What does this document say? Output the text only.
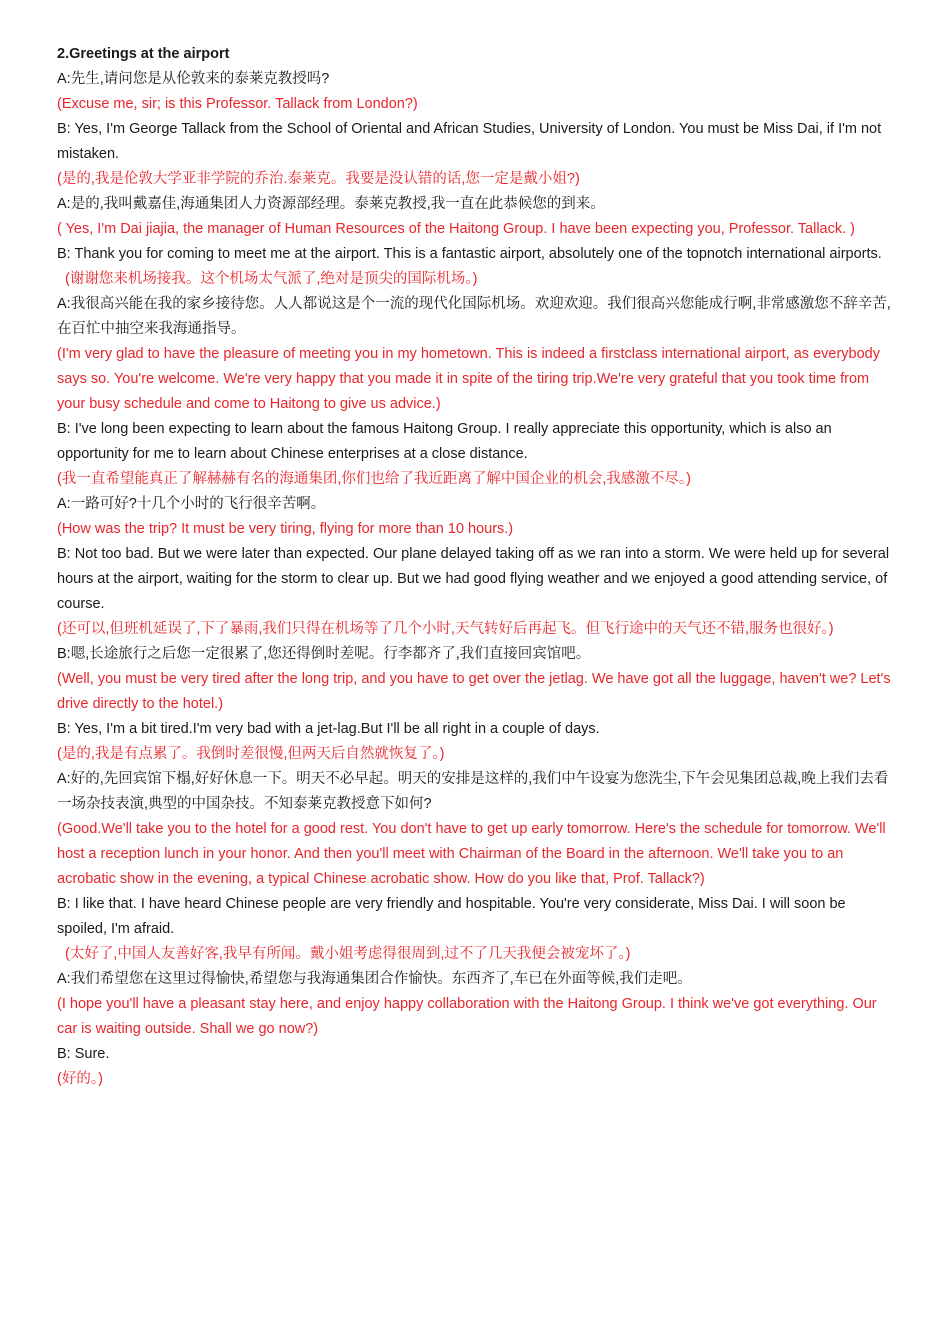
2.Greetings at the airport

A:先生,请问您是从伦敦来的泰莱克教授吗?

(Excuse me, sir; is this Professor. Tallack from London?)

B: Yes, I'm George Tallack from the School of Oriental and African Studies, University of London. You must be Miss Dai, if I'm not mistaken.

(是的,我是伦敦大学亚非学院的乔治.泰莱克。我要是没认错的话,您一定是戴小姐?)

A:是的,我叫戴嘉佳,海通集团人力资源部经理。泰莱克教授,我一直在此恭候您的到来。

( Yes, I'm Dai jiajia, the manager of Human Resources of the Haitong Group. I have been expecting you, Professor. Tallack. )

B: Thank you for coming to meet me at the airport. This is a fantastic airport, absolutely one of the topnotch international airports.

(谢谢您来机场接我。这个机场太气派了,绝对是顶尖的国际机场。)

A:我很高兴能在我的家乡接待您。人人都说这是个一流的现代化国际机场。欢迎欢迎。我们很高兴您能成行啊,非常感激您不辞辛苦,在百忙中抽空来我海通指导。

(I'm very glad to have the pleasure of meeting you in my hometown. This is indeed a firstclass international airport, as everybody says so. You're welcome. We're very happy that you made it in spite of the tiring trip.We're very grateful that you took time from your busy schedule and come to Haitong to give us advice.)

B: I've long been expecting to learn about the famous Haitong Group. I really appreciate this opportunity, which is also an opportunity for me to learn about Chinese enterprises at a close distance.

(我一直希望能真正了解赫赫有名的海通集团,你们也给了我近距离了解中国企业的机会,我感激不尽。)

A:一路可好?十几个小时的飞行很辛苦啊。

(How was the trip? It must be very tiring, flying for more than 10 hours.)

B: Not too bad. But we were later than expected. Our plane delayed taking off as we ran into a storm. We were held up for several hours at the airport, waiting for the storm to clear up. But we had good flying weather and we enjoyed a good attending service, of course.

(还可以,但班机延误了,下了暴雨,我们只得在机场等了几个小时,天气转好后再起飞。但飞行途中的天气还不错,服务也很好。)

B:嗯,长途旅行之后您一定很累了,您还得倒时差呢。行李都齐了,我们直接回宾馆吧。

(Well, you must be very tired after the long trip, and you have to get over the jetlag. We have got all the luggage, haven't we? Let's drive directly to the hotel.)

B: Yes, I'm a bit tired.I'm very bad with a jet-lag.But I'll be all right in a couple of days.

(是的,我是有点累了。我倒时差很慢,但两天后自然就恢复了。)

A:好的,先回宾馆下榻,好好休息一下。明天不必早起。明天的安排是这样的,我们中午设宴为您洗尘,下午会见集团总裁,晚上我们去看一场杂技表演,典型的中国杂技。不知泰莱克教授意下如何?

(Good.We'll take you to the hotel for a good rest. You don't have to get up early tomorrow. Here's the schedule for tomorrow. We'll host a reception lunch in your honor. And then you'll meet with Chairman of the Board in the afternoon. We'll take you to an acrobatic show in the evening, a typical Chinese acrobatic show. How do you like that, Prof. Tallack?)

B: I like that. I have heard Chinese people are very friendly and hospitable. You're very considerate, Miss Dai. I will soon be spoiled, I'm afraid.

(太好了,中国人友善好客,我早有所闻。戴小姐考虑得很周到,过不了几天我便会被宠坏了。)

A:我们希望您在这里过得愉快,希望您与我海通集团合作愉快。东西齐了,车已在外面等候,我们走吧。

(I hope you'll have a pleasant stay here, and enjoy happy collaboration with the Haitong Group. I think we've got everything. Our car is waiting outside. Shall we go now?)

B: Sure.

(好的。)
